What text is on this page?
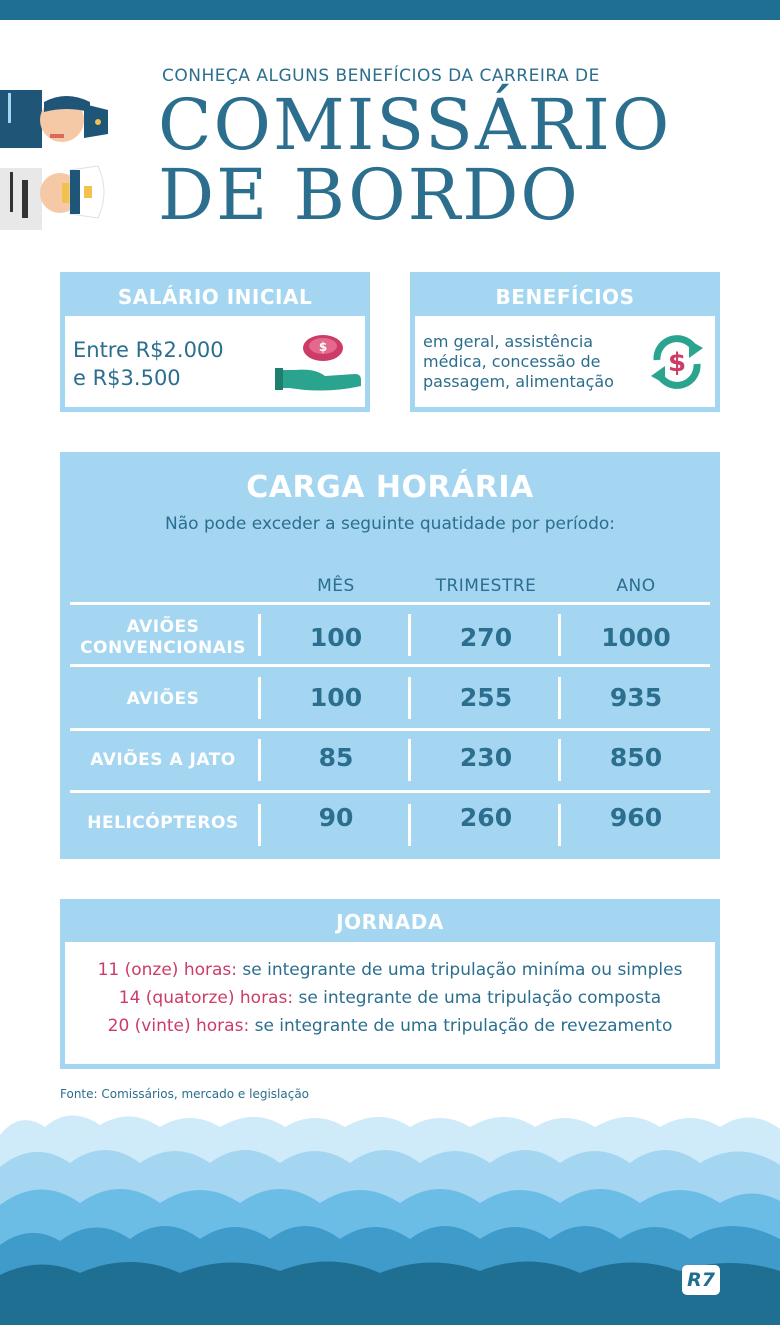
CONHEÇA ALGUNS BENEFÍCIOS DA CARREIRA DE
COMISSÁRIO
DE BORDO
SALÁRIO INICIAL
Entre R$2.000
e R$3.500
$
BENEFÍCIOS
em geral, assistência
médica, concessão de
passagem, alimentação
$
CARGA HORÁRIA
Não pode exceder a seguinte quatidade por período:
MÊS	TRIMESTRE	ANO
AVIÕES
CONVENCIONAIS	100	270	1000
AVIÕES	100	255	935
AVIÕES A JATO	85	230	850
HELICÓPTEROS	90	260	960
JORNADA
11 (onze) horas: se integrante de uma tripulação miníma ou simples
14 (quatorze) horas: se integrante de uma tripulação composta
20 (vinte) horas: se integrante de uma tripulação de revezamento
Fonte: Comissários, mercado e legislação
R7
